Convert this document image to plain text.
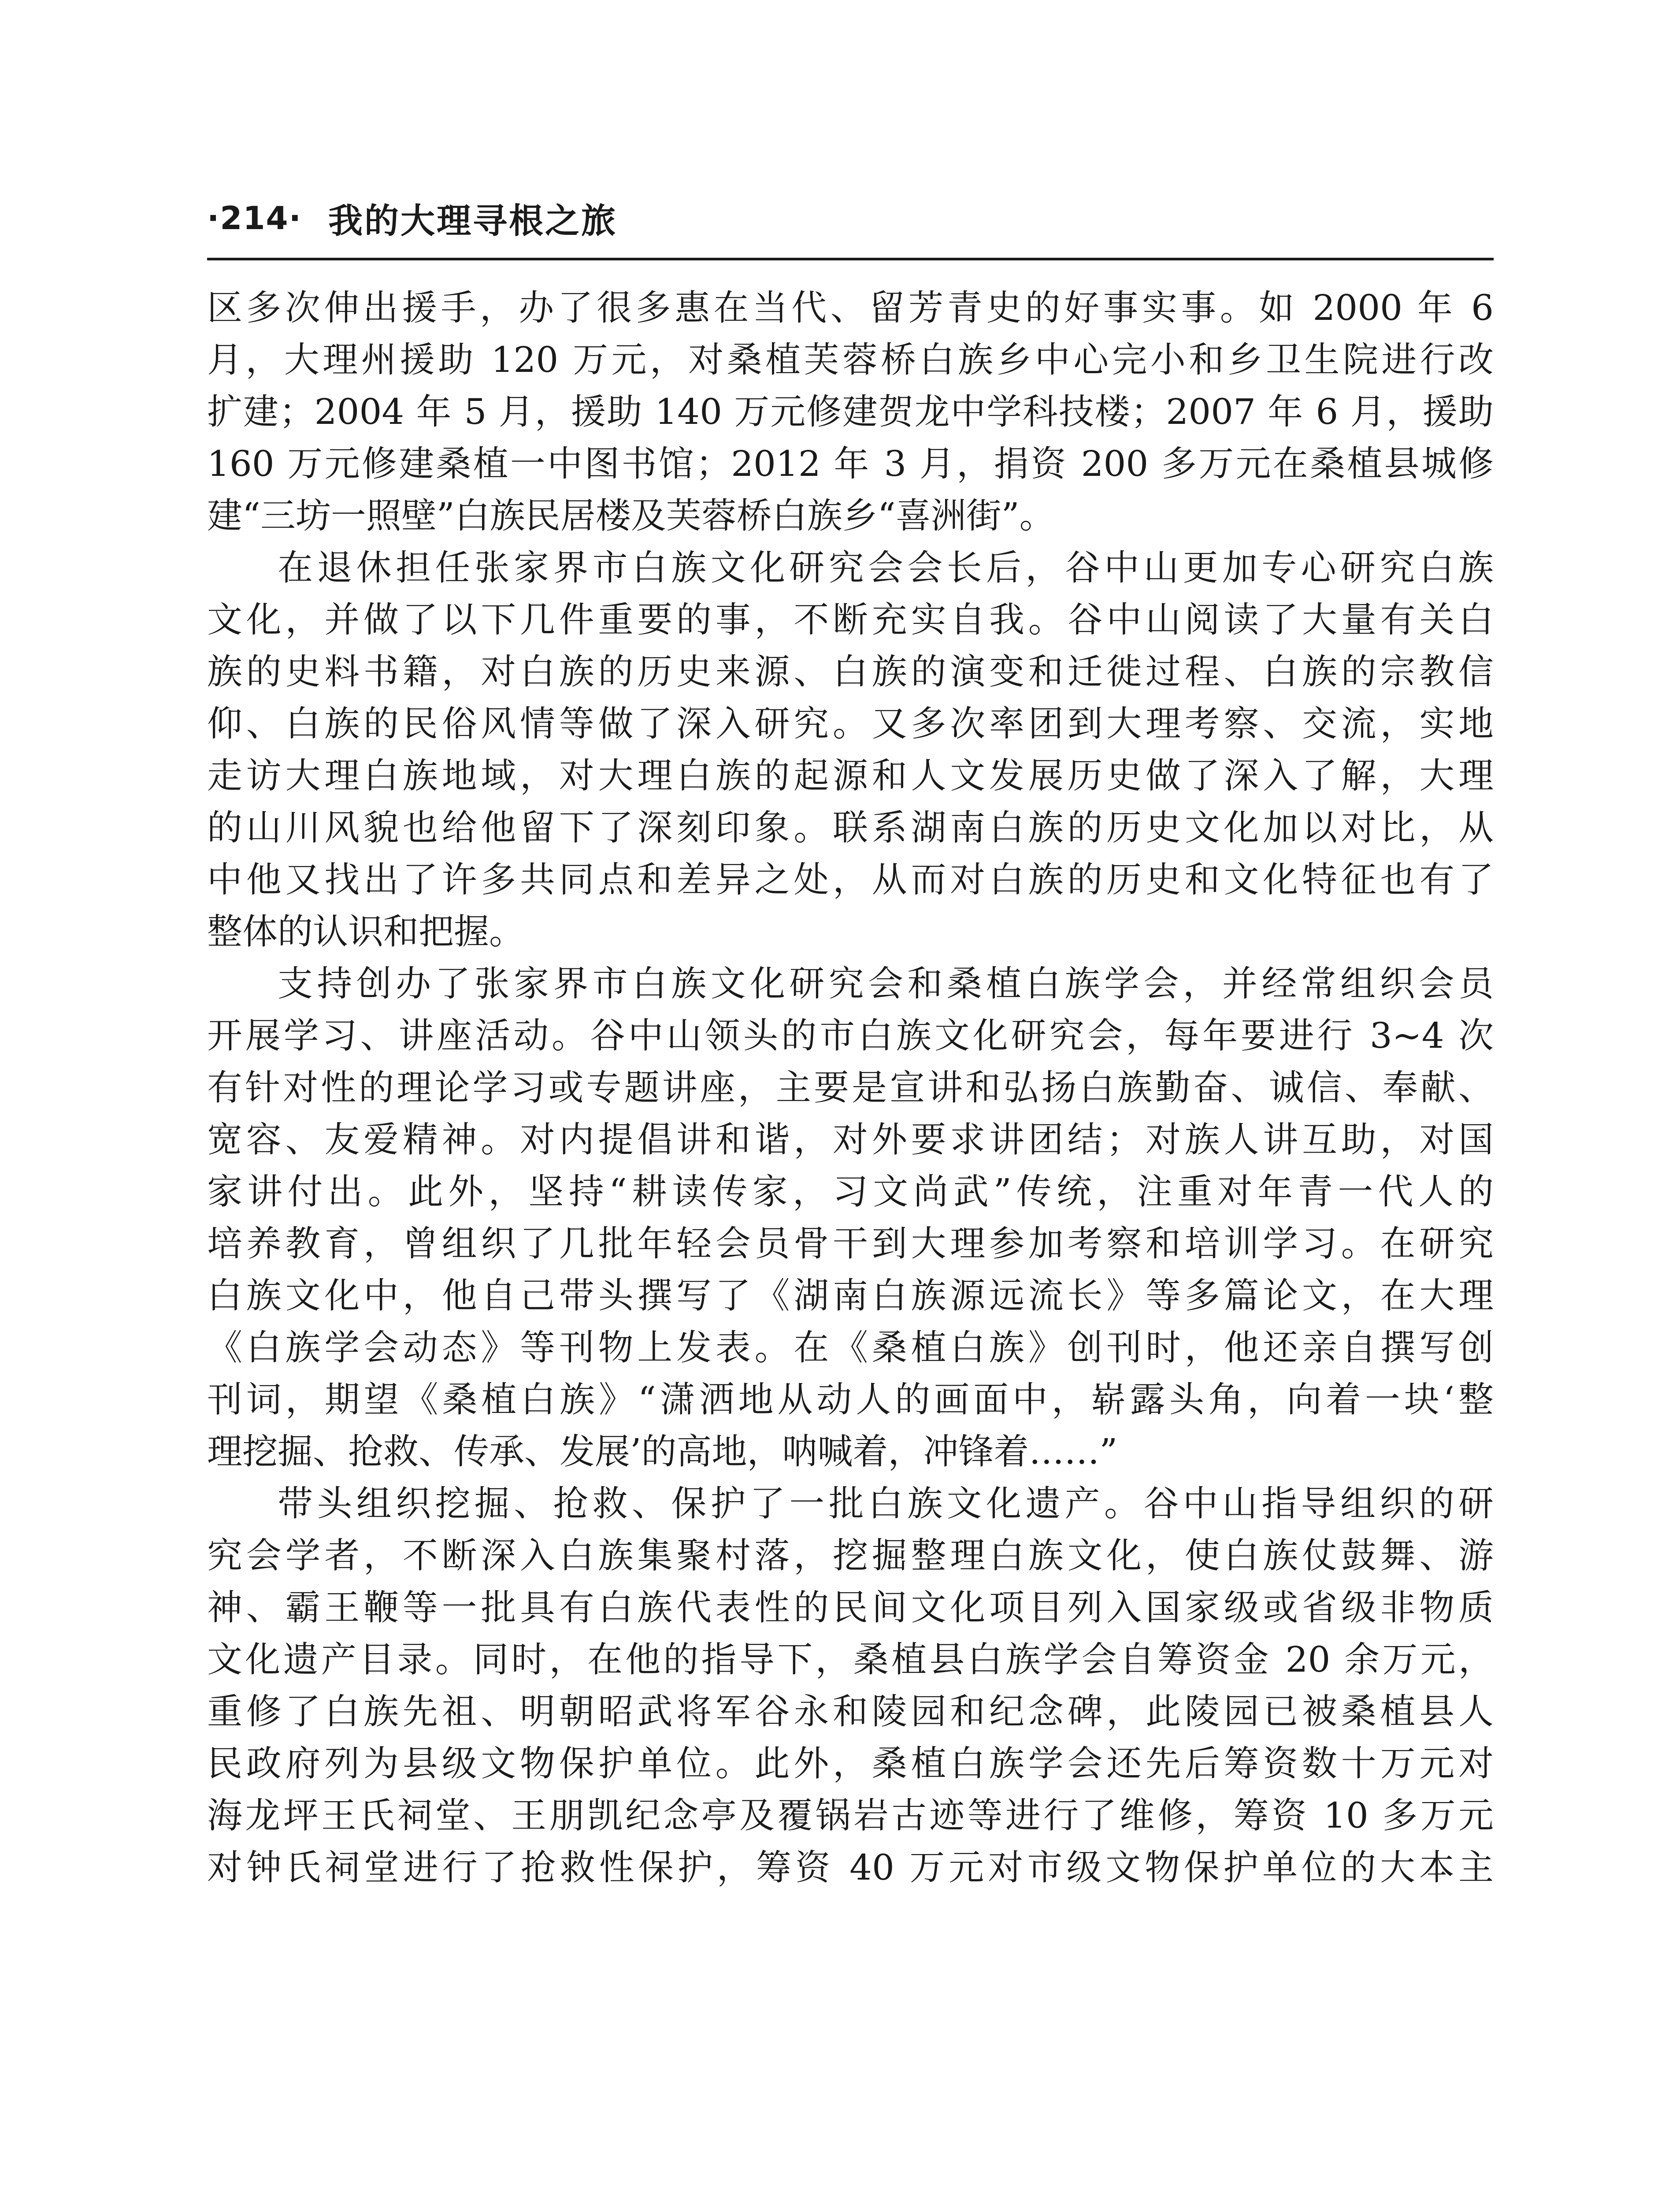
·214· 我的大理寻根之旅
区多次伸出援手，办了很多惠在当代、留芳青史的好事实事。如 2000 年 6
月，大理州援助 120 万元，对桑植芙蓉桥白族乡中心完小和乡卫生院进行改
扩建；2004 年 5 月，援助 140 万元修建贺龙中学科技楼；2007 年 6 月，援助
160 万元修建桑植一中图书馆；2012 年 3 月，捐资 200 多万元在桑植县城修
建“三坊一照壁”白族民居楼及芙蓉桥白族乡“喜洲街”。
在退休担任张家界市白族文化研究会会长后，谷中山更加专心研究白族
文化，并做了以下几件重要的事，不断充实自我。谷中山阅读了大量有关白
族的史料书籍，对白族的历史来源、白族的演变和迁徙过程、白族的宗教信
仰、白族的民俗风情等做了深入研究。又多次率团到大理考察、交流，实地
走访大理白族地域，对大理白族的起源和人文发展历史做了深入了解，大理
的山川风貌也给他留下了深刻印象。联系湖南白族的历史文化加以对比，从
中他又找出了许多共同点和差异之处，从而对白族的历史和文化特征也有了
整体的认识和把握。
支持创办了张家界市白族文化研究会和桑植白族学会，并经常组织会员
开展学习、讲座活动。谷中山领头的市白族文化研究会，每年要进行 3~4 次
有针对性的理论学习或专题讲座，主要是宣讲和弘扬白族勤奋、诚信、奉献、
宽容、友爱精神。对内提倡讲和谐，对外要求讲团结；对族人讲互助，对国
家讲付出。此外，坚持“耕读传家，习文尚武”传统，注重对年青一代人的
培养教育，曾组织了几批年轻会员骨干到大理参加考察和培训学习。在研究
白族文化中，他自己带头撰写了《湖南白族源远流长》等多篇论文，在大理
《白族学会动态》等刊物上发表。在《桑植白族》创刊时，他还亲自撰写创
刊词，期望《桑植白族》“潇洒地从动人的画面中，崭露头角，向着一块‘整
理挖掘、抢救、传承、发展’的高地，呐喊着，冲锋着……”
带头组织挖掘、抢救、保护了一批白族文化遗产。谷中山指导组织的研
究会学者，不断深入白族集聚村落，挖掘整理白族文化，使白族仗鼓舞、游
神、霸王鞭等一批具有白族代表性的民间文化项目列入国家级或省级非物质
文化遗产目录。同时，在他的指导下，桑植县白族学会自筹资金 20 余万元，
重修了白族先祖、明朝昭武将军谷永和陵园和纪念碑，此陵园已被桑植县人
民政府列为县级文物保护单位。此外，桑植白族学会还先后筹资数十万元对
海龙坪王氏祠堂、王朋凯纪念亭及覆锅岩古迹等进行了维修，筹资 10 多万元
对钟氏祠堂进行了抢救性保护，筹资 40 万元对市级文物保护单位的大本主
